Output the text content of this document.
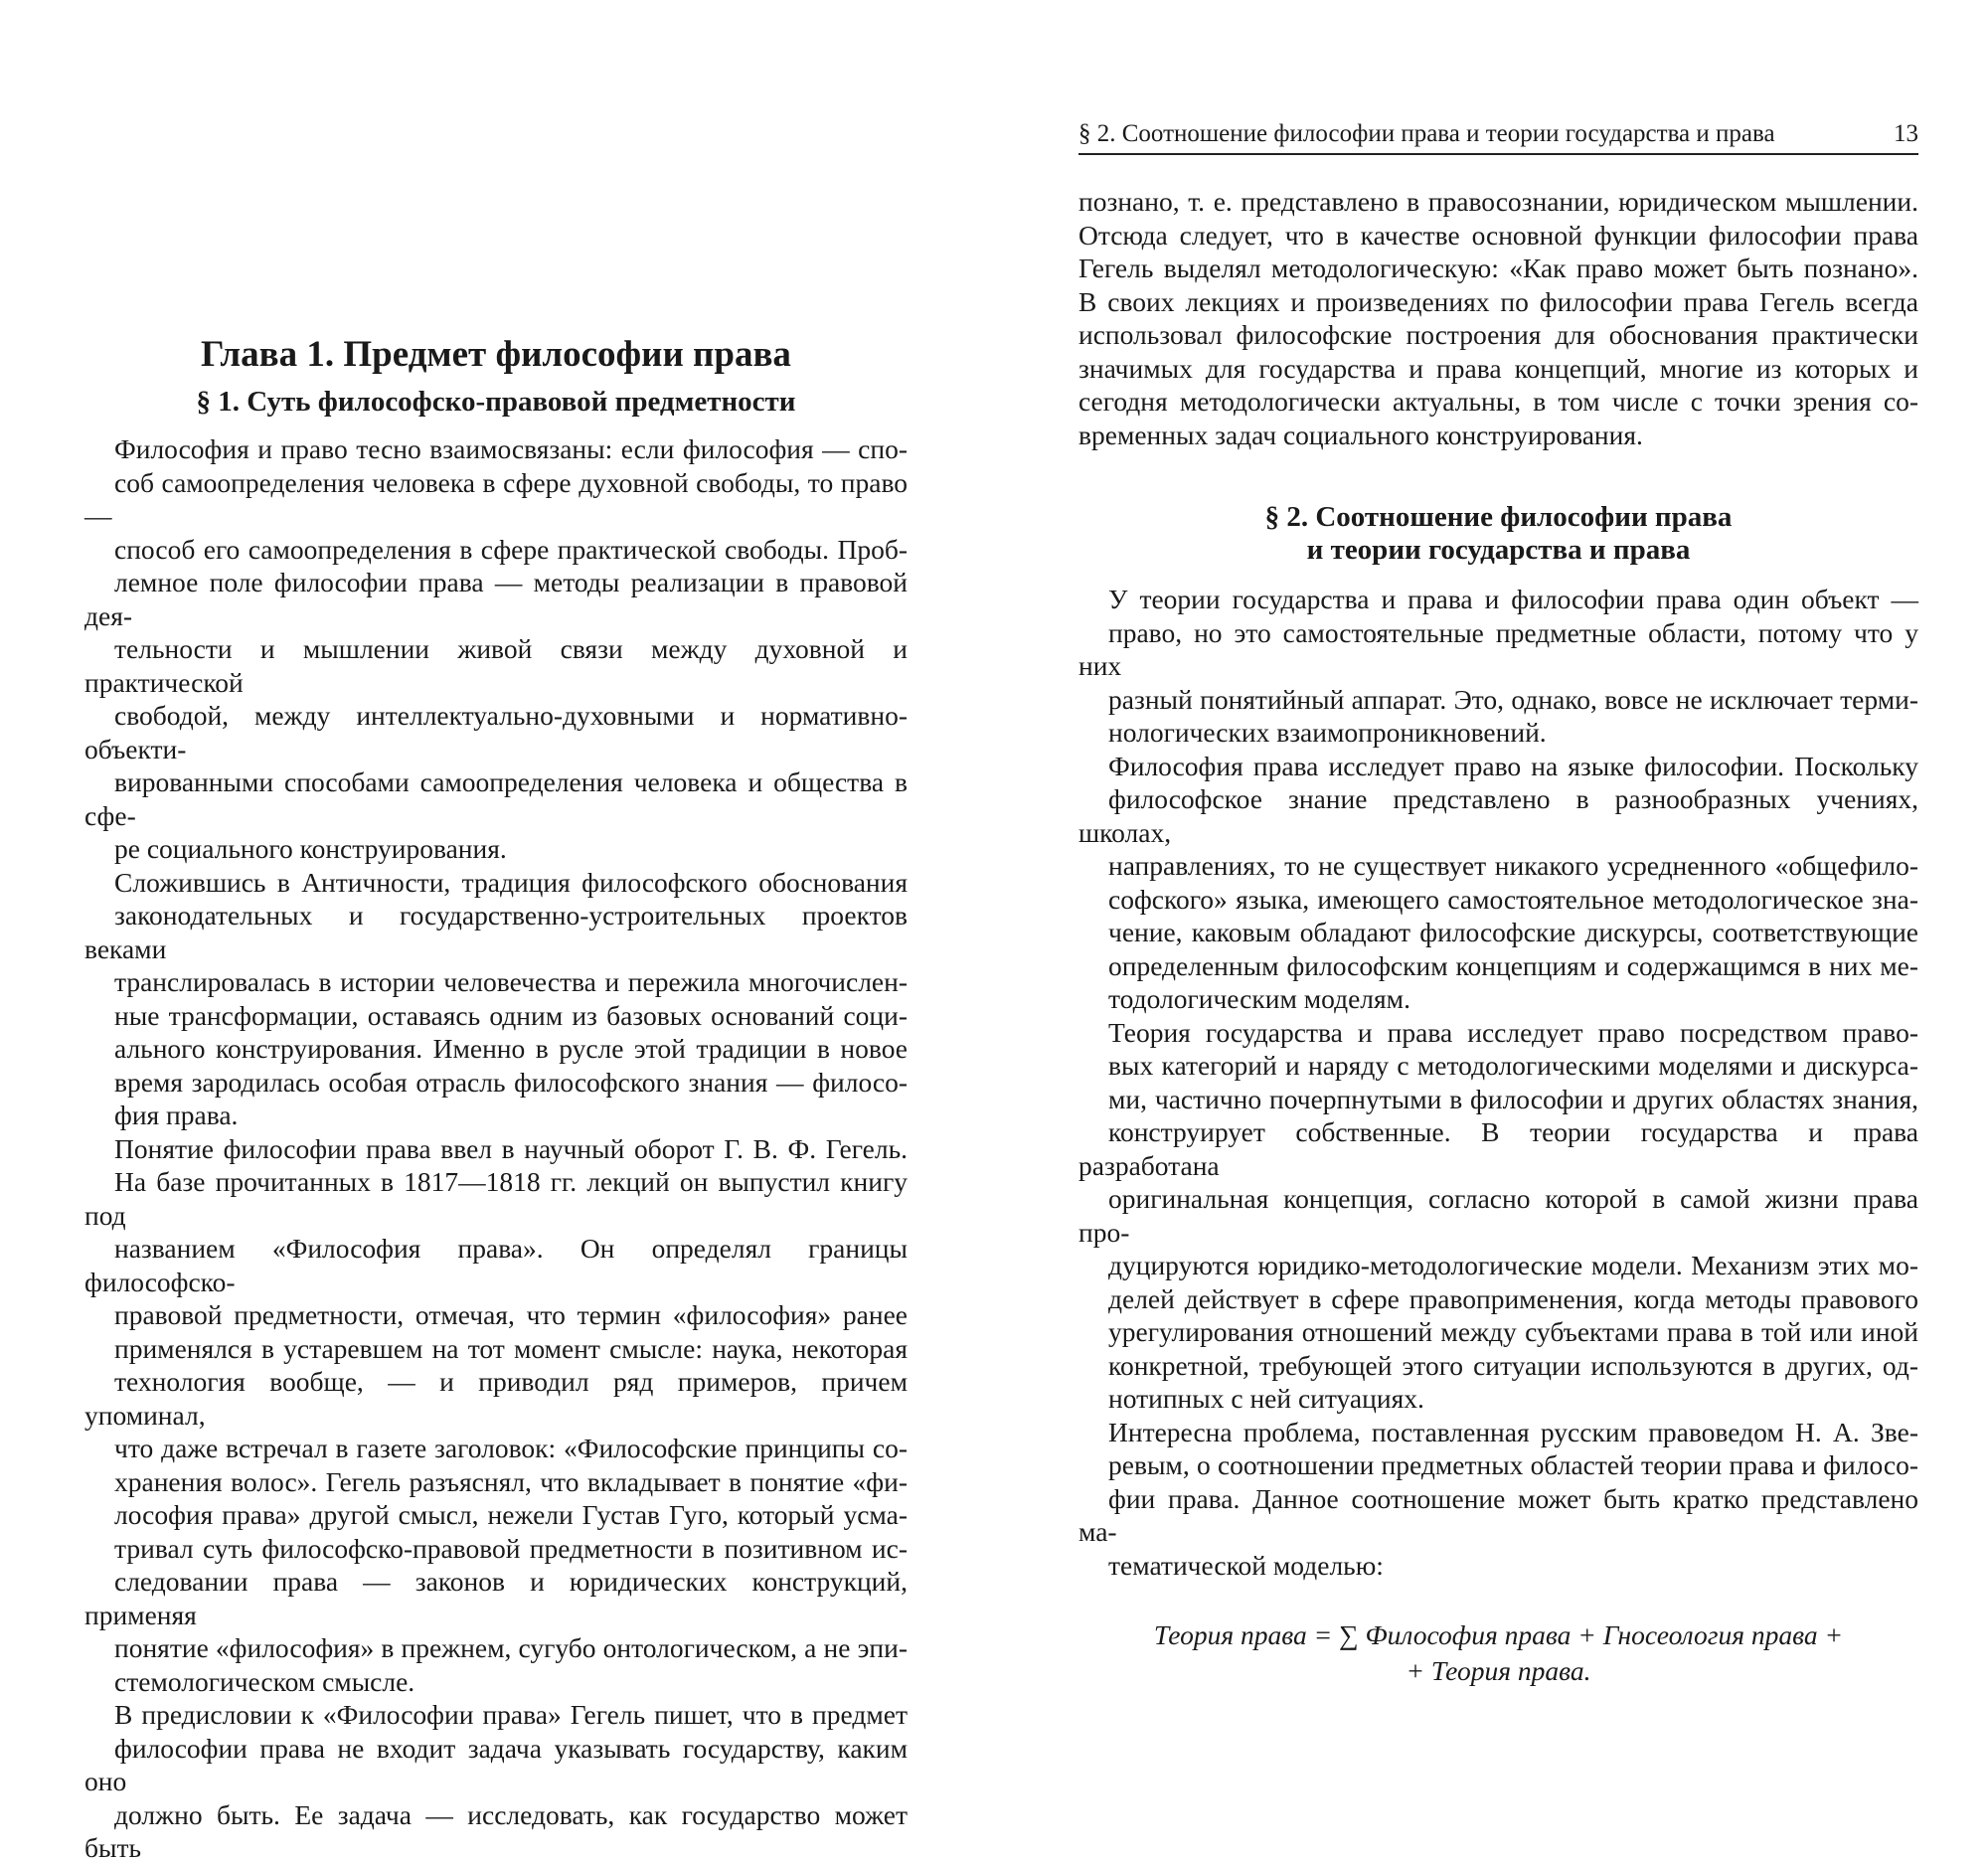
§ 2. Соотношение философии права и теории государства и права	13
Глава 1. Предмет философии права
§ 1. Суть философско-правовой предметности

Философия и право тесно взаимосвязаны: если философия — спо-
соб самоопределения человека в сфере духовной свободы, то право —
способ его самоопределения в сфере практической свободы. Проб-
лемное поле философии права — методы реализации в правовой дея-
тельности и мышлении живой связи между духовной и практической
свободой, между интеллектуально-духовными и нормативно-объекти-
вированными способами самоопределения человека и общества в сфе-
ре социального конструирования.

Сложившись в Античности, традиция философского обоснования
законодательных и государственно-устроительных проектов веками
транслировалась в истории человечества и пережила многочислен-
ные трансформации, оставаясь одним из базовых оснований соци-
ального конструирования. Именно в русле этой традиции в новое
время зародилась особая отрасль философского знания — филосо-
фия права.

Понятие философии права ввел в научный оборот Г. В. Ф. Гегель.
На базе прочитанных в 1817—1818 гг. лекций он выпустил книгу под
названием «Философия права». Он определял границы философско-
правовой предметности, отмечая, что термин «философия» ранее
применялся в устаревшем на тот момент смысле: наука, некоторая
технология вообще, — и приводил ряд примеров, причем упоминал,
что даже встречал в газете заголовок: «Философские принципы со-
хранения волос». Гегель разъяснял, что вкладывает в понятие «фи-
лософия права» другой смысл, нежели Густав Гуго, который усма-
тривал суть философско-правовой предметности в позитивном ис-
следовании права — законов и юридических конструкций, применяя
понятие «философия» в прежнем, сугубо онтологическом, а не эпи-
стемологическом смысле.

В предисловии к «Философии права» Гегель пишет, что в предмет
философии права не входит задача указывать государству, каким оно
должно быть. Ее задача — исследовать, как государство может быть

познано, т. е. представлено в правосознании, юридическом мышлении.
Отсюда следует, что в качестве основной функции философии права
Гегель выделял методологическую: «Как право может быть познано».
В своих лекциях и произведениях по философии права Гегель всегда
использовал философские построения для обоснования практически
значимых для государства и права концепций, многие из которых и
сегодня методологически актуальны, в том числе с точки зрения со-
временных задач социального конструирования.

§ 2. Соотношение философии права
и теории государства и права

У теории государства и права и философии права один объект —
право, но это самостоятельные предметные области, потому что у них
разный понятийный аппарат. Это, однако, вовсе не исключает терми-
нологических взаимопроникновений.

Философия права исследует право на языке философии. Поскольку
философское знание представлено в разнообразных учениях, школах,
направлениях, то не существует никакого усредненного «общефило-
софского» языка, имеющего самостоятельное методологическое зна-
чение, каковым обладают философские дискурсы, соответствующие
определенным философским концепциям и содержащимся в них ме-
тодологическим моделям.

Теория государства и права исследует право посредством право-
вых категорий и наряду с методологическими моделями и дискурса-
ми, частично почерпнутыми в философии и других областях знания,
конструирует собственные. В теории государства и права разработана
оригинальная концепция, согласно которой в самой жизни права про-
дуцируются юридико-методологические модели. Механизм этих мо-
делей действует в сфере правоприменения, когда методы правового
урегулирования отношений между субъектами права в той или иной
конкретной, требующей этого ситуации используются в других, од-
нотипных с ней ситуациях.

Интересна проблема, поставленная русским правоведом Н. А. Зве-
ревым, о соотношении предметных областей теории права и филосо-
фии права. Данное соотношение может быть кратко представлено ма-
тематической моделью:

Теория права = ∑ Философия права + Гносеология права +
+ Теория права.
